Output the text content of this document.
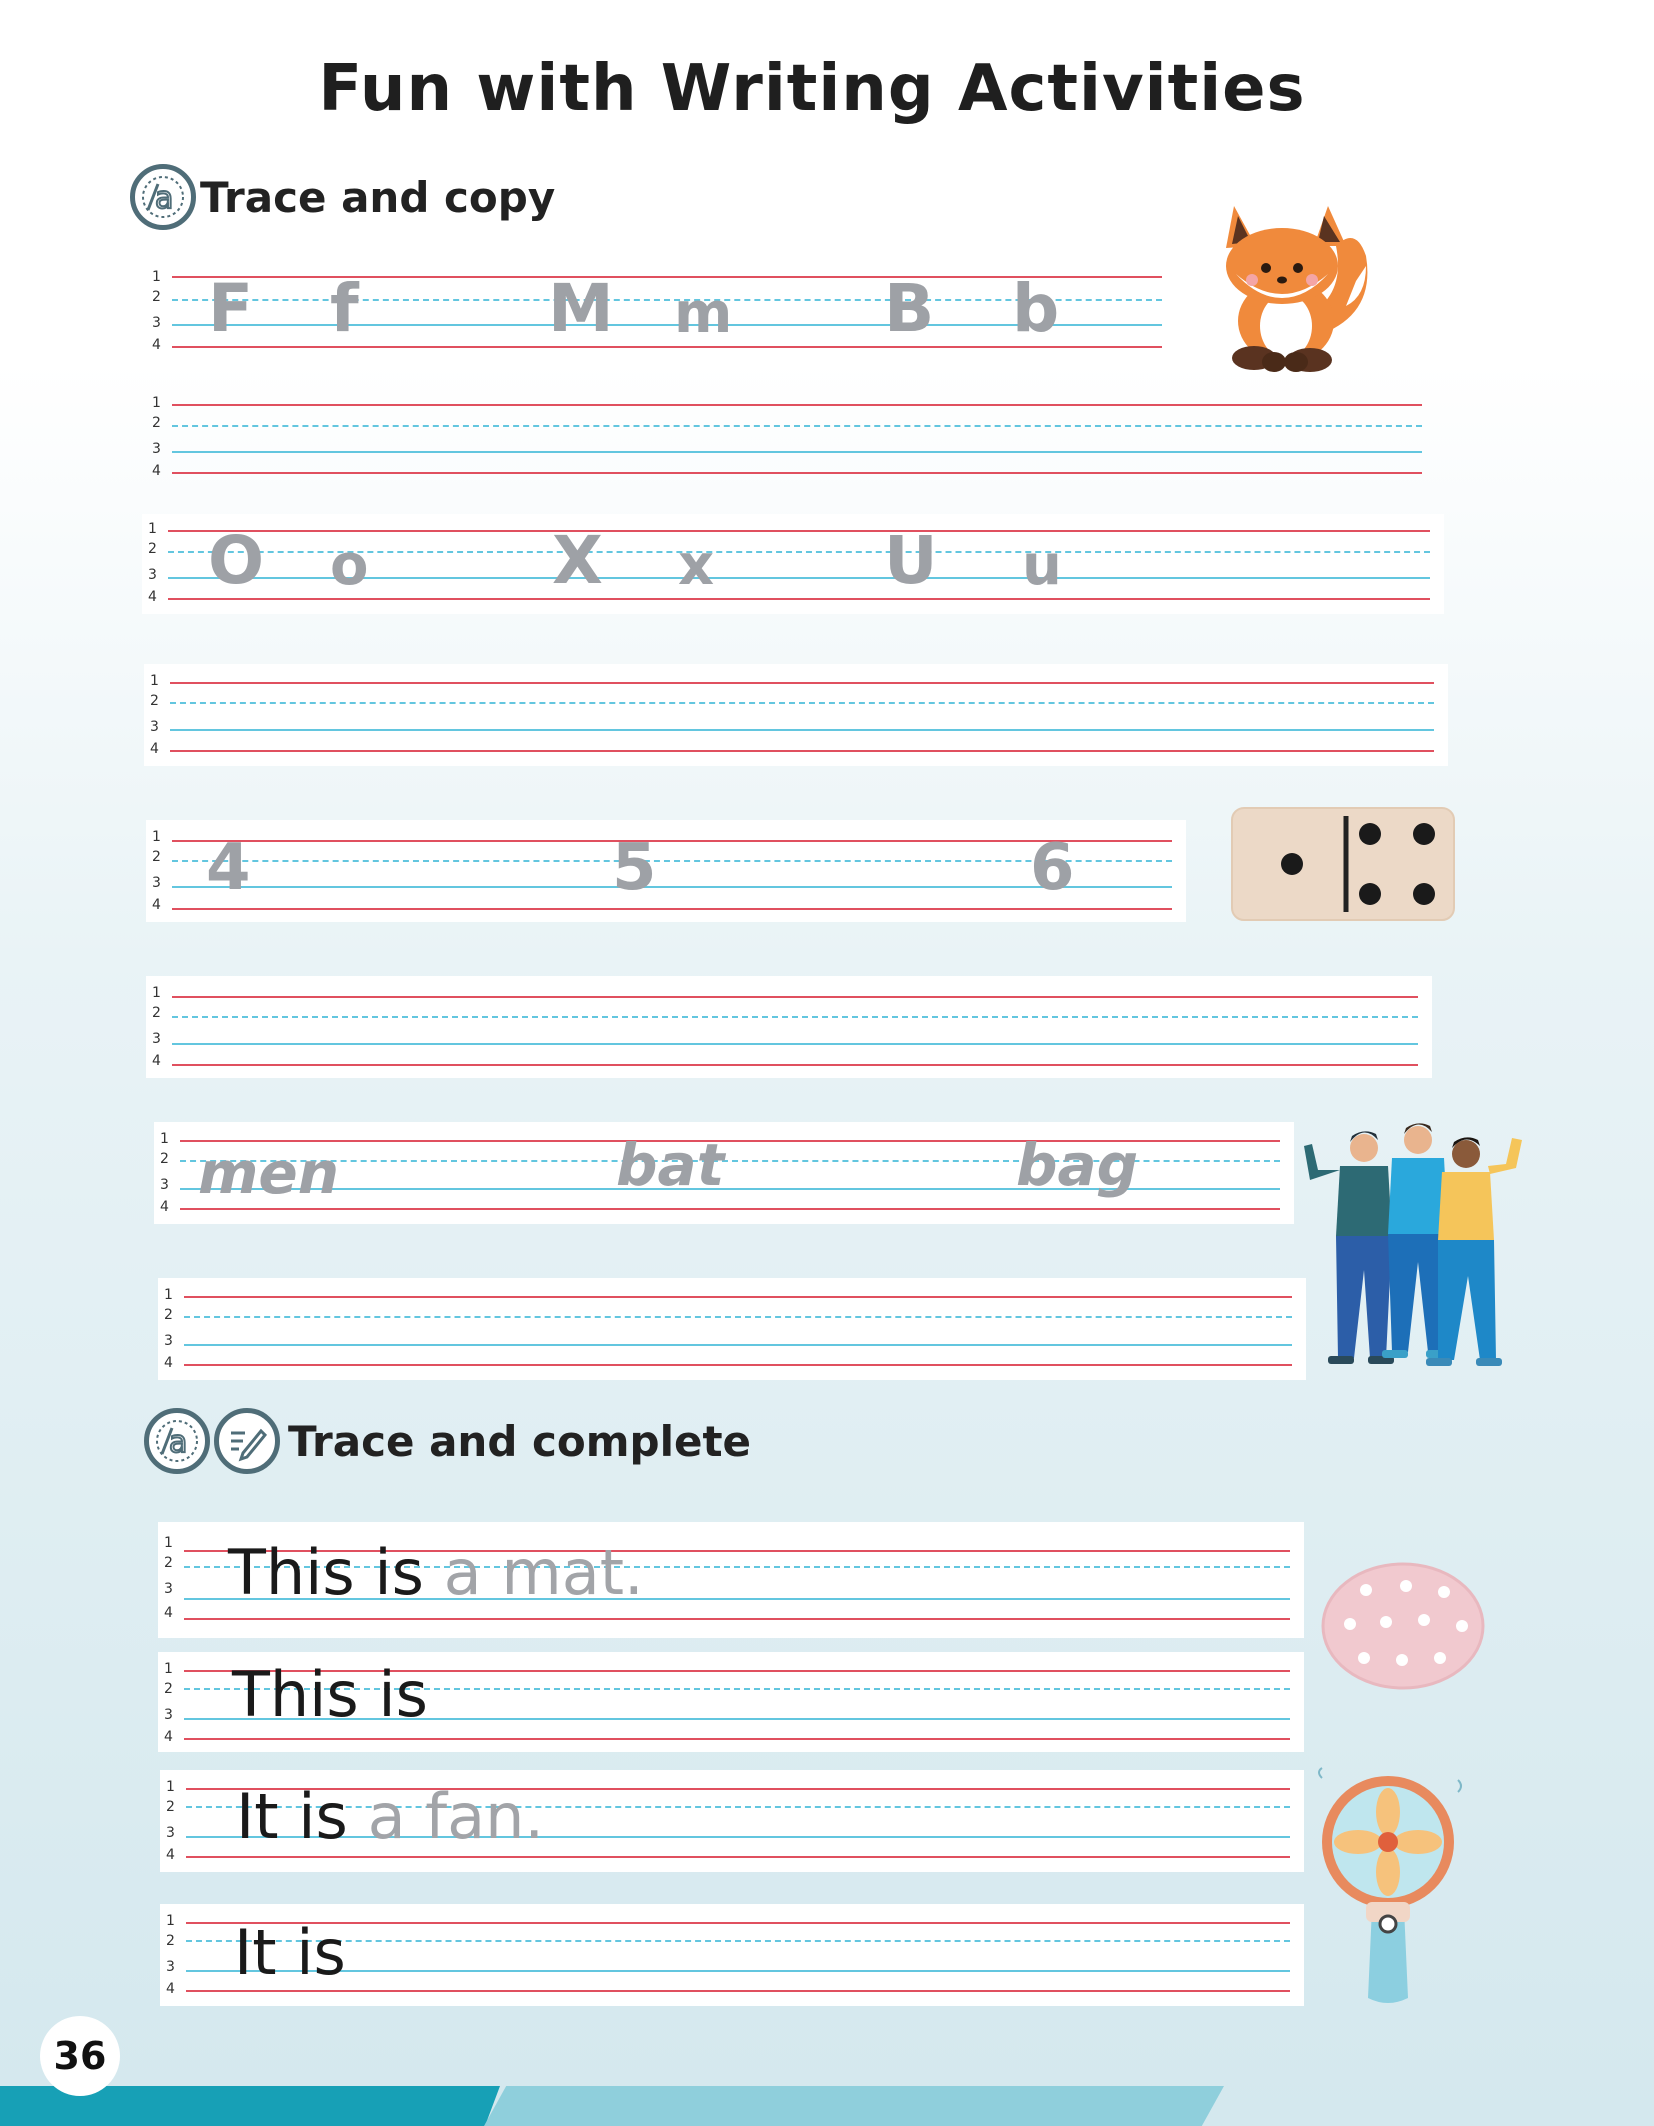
Fun with Writing Activities
a Trace and copy
1
2
3
4 F f	M m B b
1
2
3
4
1
2
3
4 O o	X x	U u
1
2
3
4
1
2
3
4 4	5	6
1
2
3
4
1
2
3
4 men	bat	bag
1
2
3
4
a Trace and complete
1
2
3
4
This is a mat.
1
2
3
4
This is
1
2
3
4
It is a fan.
1
2
3
4 It is
36
